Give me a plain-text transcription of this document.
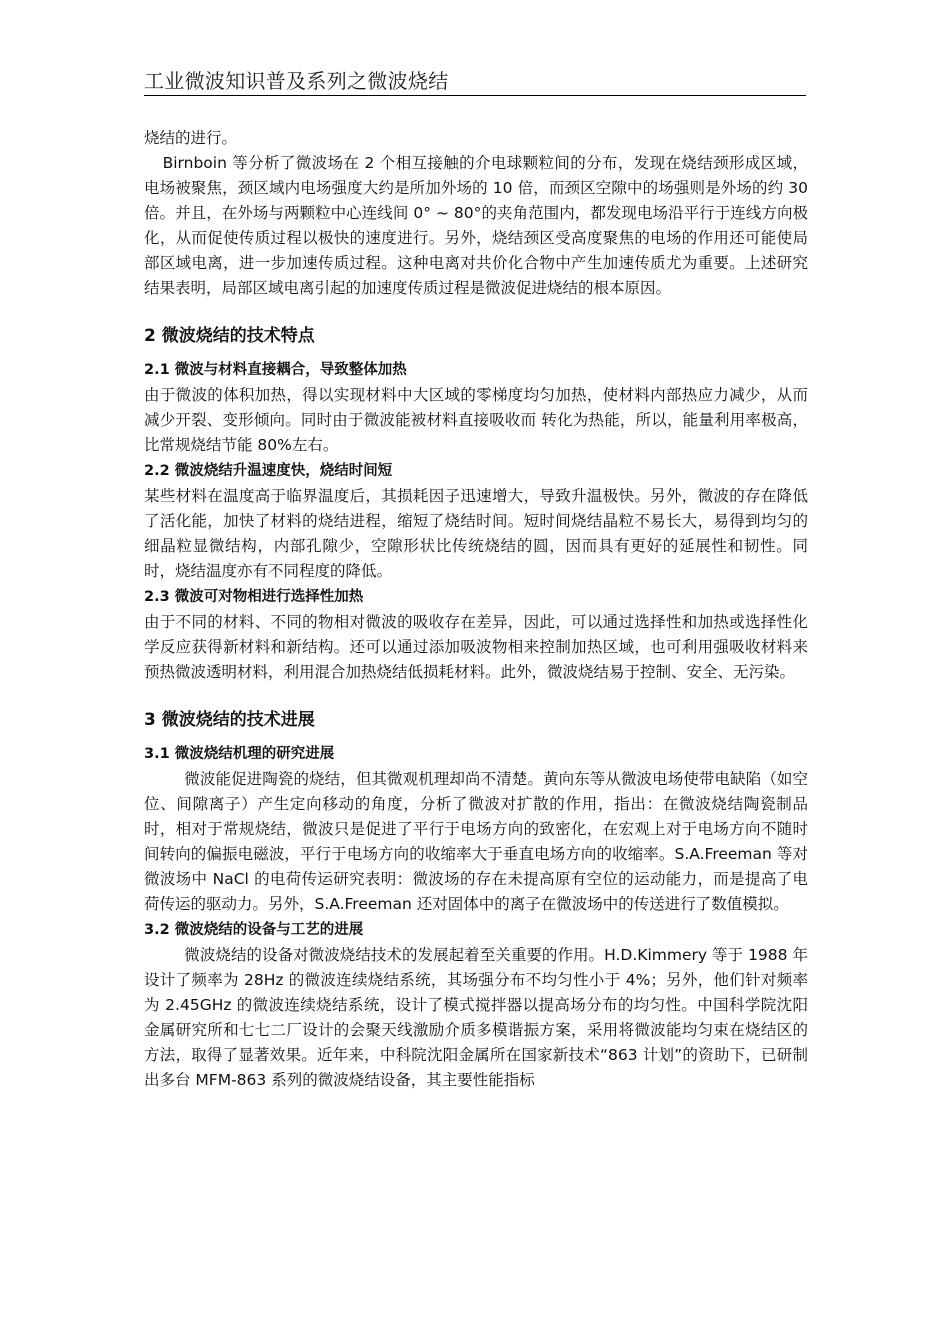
工业微波知识普及系列之微波烧结

烧结的进行。

Birnboin 等分析了微波场在 2 个相互接触的介电球颗粒间的分布，发现在烧结颈形成区域，电场被聚焦，颈区域内电场强度大约是所加外场的 10 倍，而颈区空隙中的场强则是外场的约 30 倍。并且，在外场与两颗粒中心连线间 0° ~ 80°的夹角范围内，都发现电场沿平行于连线方向极化，从而促使传质过程以极快的速度进行。另外，烧结颈区受高度聚焦的电场的作用还可能使局部区域电离，进一步加速传质过程。这种电离对共价化合物中产生加速传质尤为重要。上述研究结果表明，局部区域电离引起的加速度传质过程是微波促进烧结的根本原因。

2 微波烧结的技术特点

2.1 微波与材料直接耦合，导致整体加热

由于微波的体积加热，得以实现材料中大区域的零梯度均匀加热，使材料内部热应力减少，从而减少开裂、变形倾向。同时由于微波能被材料直接吸收而 转化为热能，所以，能量利用率极高，比常规烧结节能 80%左右。

2.2 微波烧结升温速度快，烧结时间短

某些材料在温度高于临界温度后，其损耗因子迅速增大，导致升温极快。另外，微波的存在降低了活化能，加快了材料的烧结进程，缩短了烧结时间。短时间烧结晶粒不易长大，易得到均匀的细晶粒显微结构，内部孔隙少，空隙形状比传统烧结的圆，因而具有更好的延展性和韧性。同时，烧结温度亦有不同程度的降低。

2.3 微波可对物相进行选择性加热

由于不同的材料、不同的物相对微波的吸收存在差异，因此，可以通过选择性和加热或选择性化学反应获得新材料和新结构。还可以通过添加吸波物相来控制加热区域，也可利用强吸收材料来预热微波透明材料，利用混合加热烧结低损耗材料。此外，微波烧结易于控制、安全、无污染。

3 微波烧结的技术进展

3.1 微波烧结机理的研究进展

微波能促进陶瓷的烧结，但其微观机理却尚不清楚。黄向东等从微波电场使带电缺陷（如空位、间隙离子）产生定向移动的角度，分析了微波对扩散的作用，指出：在微波烧结陶瓷制品时，相对于常规烧结，微波只是促进了平行于电场方向的致密化，在宏观上对于电场方向不随时间转向的偏振电磁波，平行于电场方向的收缩率大于垂直电场方向的收缩率。S.A.Freeman 等对微波场中 NaCl 的电荷传运研究表明：微波场的存在未提高原有空位的运动能力，而是提高了电荷传运的驱动力。另外，S.A.Freeman 还对固体中的离子在微波场中的传送进行了数值模拟。

3.2 微波烧结的设备与工艺的进展

微波烧结的设备对微波烧结技术的发展起着至关重要的作用。H.D.Kimmery 等于 1988 年设计了频率为 28Hz 的微波连续烧结系统，其场强分布不均匀性小于 4%；另外，他们针对频率为 2.45GHz 的微波连续烧结系统，设计了模式搅拌器以提高场分布的均匀性。中国科学院沈阳金属研究所和七七二厂设计的会聚天线激励介质多模谐振方案，采用将微波能均匀束在烧结区的方法，取得了显著效果。近年来，中科院沈阳金属所在国家新技术“863 计划”的资助下，已研制出多台 MFM-863 系列的微波烧结设备，其主要性能指标
